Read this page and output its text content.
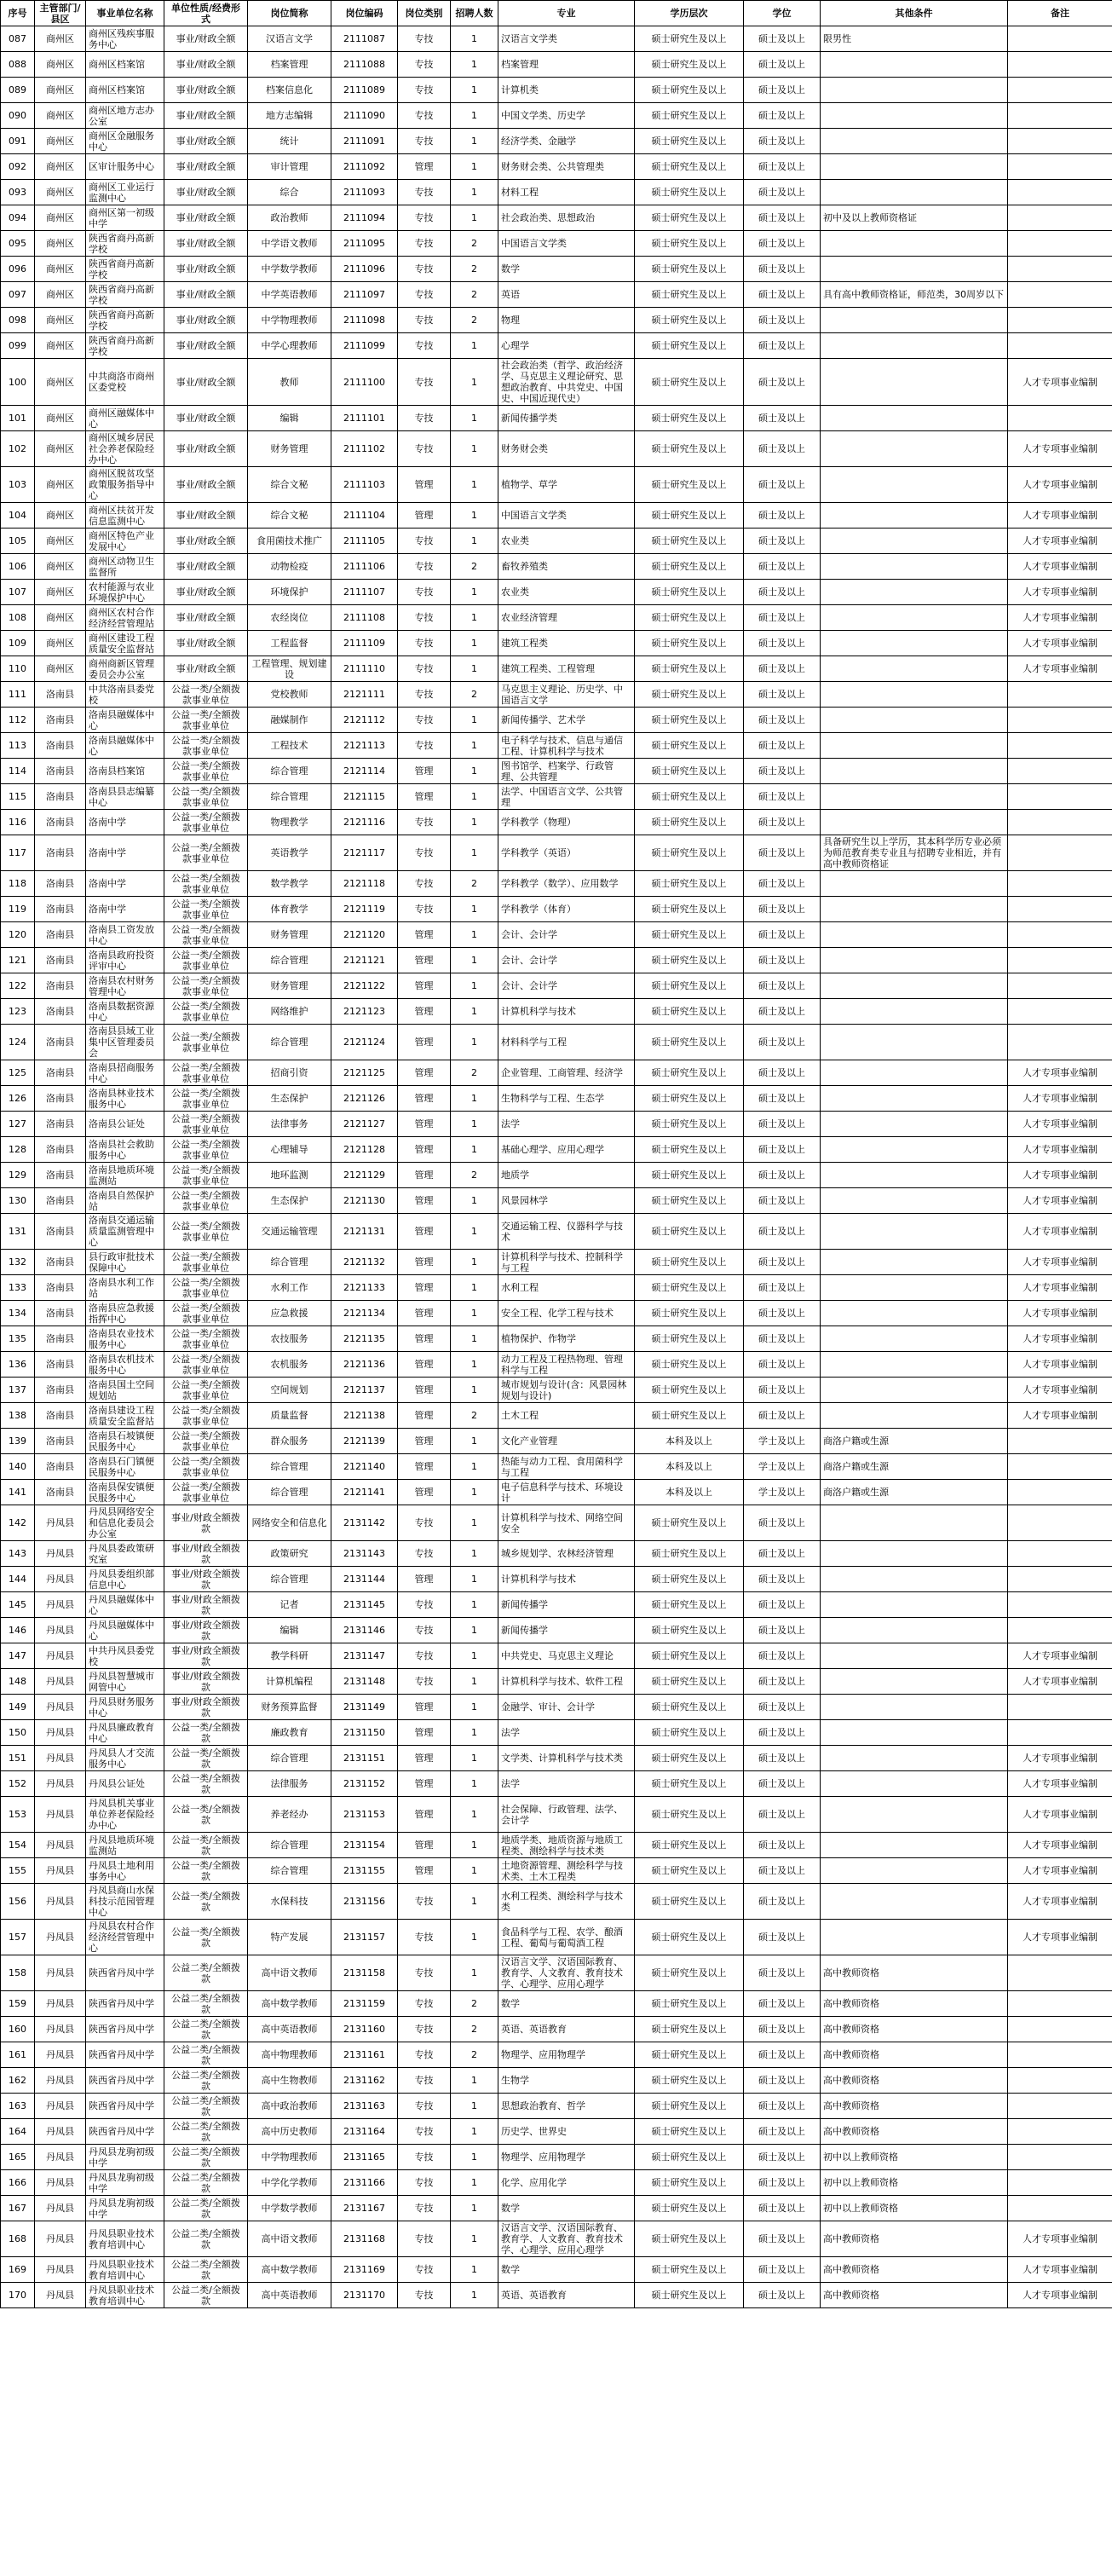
序号	主管部门/县区	事业单位名称	单位性质/经费形式	岗位简称	岗位编码	岗位类别	招聘人数	专业	学历层次	学位	其他条件	备注
087	商州区	商州区残疾事服务中心	事业/财政全额	汉语言文学	2111087	专技	1	汉语言文学类	硕士研究生及以上	硕士及以上	限男性	
088	商州区	商州区档案馆	事业/财政全额	档案管理	2111088	专技	1	档案管理	硕士研究生及以上	硕士及以上		
089	商州区	商州区档案馆	事业/财政全额	档案信息化	2111089	专技	1	计算机类	硕士研究生及以上	硕士及以上		
090	商州区	商州区地方志办公室	事业/财政全额	地方志编辑	2111090	专技	1	中国文学类、历史学	硕士研究生及以上	硕士及以上		
091	商州区	商州区金融服务中心	事业/财政全额	统计	2111091	专技	1	经济学类、金融学	硕士研究生及以上	硕士及以上		
092	商州区	区审计服务中心	事业/财政全额	审计管理	2111092	管理	1	财务财会类、公共管理类	硕士研究生及以上	硕士及以上		
093	商州区	商州区工业运行监测中心	事业/财政全额	综合	2111093	专技	1	材料工程	硕士研究生及以上	硕士及以上		
094	商州区	商州区第一初级中学	事业/财政全额	政治教师	2111094	专技	1	社会政治类、思想政治	硕士研究生及以上	硕士及以上	初中及以上教师资格证	
095	商州区	陕西省商丹高新学校	事业/财政全额	中学语文教师	2111095	专技	2	中国语言文学类	硕士研究生及以上	硕士及以上		
096	商州区	陕西省商丹高新学校	事业/财政全额	中学数学教师	2111096	专技	2	数学	硕士研究生及以上	硕士及以上		
097	商州区	陕西省商丹高新学校	事业/财政全额	中学英语教师	2111097	专技	2	英语	硕士研究生及以上	硕士及以上	具有高中教师资格证，师范类，30周岁以下	
098	商州区	陕西省商丹高新学校	事业/财政全额	中学物理教师	2111098	专技	2	物理	硕士研究生及以上	硕士及以上		
099	商州区	陕西省商丹高新学校	事业/财政全额	中学心理教师	2111099	专技	1	心理学	硕士研究生及以上	硕士及以上		
100	商州区	中共商洛市商州区委党校	事业/财政全额	教师	2111100	专技	1	社会政治类（哲学、政治经济学、马克思主义理论研究、思想政治教育、中共党史、中国史、中国近现代史）	硕士研究生及以上	硕士及以上		人才专项事业编制
101	商州区	商州区融媒体中心	事业/财政全额	编辑	2111101	专技	1	新闻传播学类	硕士研究生及以上	硕士及以上		
102	商州区	商州区城乡居民社会养老保险经办中心	事业/财政全额	财务管理	2111102	专技	1	财务财会类	硕士研究生及以上	硕士及以上		人才专项事业编制
103	商州区	商州区脱贫攻坚政策服务指导中心	事业/财政全额	综合文秘	2111103	管理	1	植物学、草学	硕士研究生及以上	硕士及以上		人才专项事业编制
104	商州区	商州区扶贫开发信息监测中心	事业/财政全额	综合文秘	2111104	管理	1	中国语言文学类	硕士研究生及以上	硕士及以上		人才专项事业编制
105	商州区	商州区特色产业发展中心	事业/财政全额	食用菌技术推广	2111105	专技	1	农业类	硕士研究生及以上	硕士及以上		人才专项事业编制
106	商州区	商州区动物卫生监督所	事业/财政全额	动物检疫	2111106	专技	2	畜牧养殖类	硕士研究生及以上	硕士及以上		人才专项事业编制
107	商州区	农村能源与农业环境保护中心	事业/财政全额	环境保护	2111107	专技	1	农业类	硕士研究生及以上	硕士及以上		人才专项事业编制
108	商州区	商州区农村合作经济经营管理站	事业/财政全额	农经岗位	2111108	专技	1	农业经济管理	硕士研究生及以上	硕士及以上		人才专项事业编制
109	商州区	商州区建设工程质量安全监督站	事业/财政全额	工程监督	2111109	专技	1	建筑工程类	硕士研究生及以上	硕士及以上		人才专项事业编制
110	商州区	商州商新区管理委员会办公室	事业/财政全额	工程管理、规划建设	2111110	专技	1	建筑工程类、工程管理	硕士研究生及以上	硕士及以上		人才专项事业编制
111	洛南县	中共洛南县委党校	公益一类/全额拨款事业单位	党校教师	2121111	专技	2	马克思主义理论、历史学、中国语言文学	硕士研究生及以上	硕士及以上		
112	洛南县	洛南县融媒体中心	公益一类/全额拨款事业单位	融媒制作	2121112	专技	1	新闻传播学、艺术学	硕士研究生及以上	硕士及以上		
113	洛南县	洛南县融媒体中心	公益一类/全额拨款事业单位	工程技术	2121113	专技	1	电子科学与技术、信息与通信工程、计算机科学与技术	硕士研究生及以上	硕士及以上		
114	洛南县	洛南县档案馆	公益一类/全额拨款事业单位	综合管理	2121114	管理	1	图书馆学、档案学、行政管理、公共管理	硕士研究生及以上	硕士及以上		
115	洛南县	洛南县县志编纂中心	公益一类/全额拨款事业单位	综合管理	2121115	管理	1	法学、中国语言文学、公共管理	硕士研究生及以上	硕士及以上		
116	洛南县	洛南中学	公益一类/全额拨款事业单位	物理教学	2121116	专技	1	学科教学（物理）	硕士研究生及以上	硕士及以上		
117	洛南县	洛南中学	公益一类/全额拨款事业单位	英语教学	2121117	专技	1	学科教学（英语）	硕士研究生及以上	硕士及以上	具备研究生以上学历，其本科学历专业必须为师范教育类专业且与招聘专业相近，并有高中教师资格证	
118	洛南县	洛南中学	公益一类/全额拨款事业单位	数学教学	2121118	专技	2	学科教学（数学）、应用数学	硕士研究生及以上	硕士及以上		
119	洛南县	洛南中学	公益一类/全额拨款事业单位	体育教学	2121119	专技	1	学科教学（体育）	硕士研究生及以上	硕士及以上		
120	洛南县	洛南县工资发放中心	公益一类/全额拨款事业单位	财务管理	2121120	管理	1	会计、会计学	硕士研究生及以上	硕士及以上		
121	洛南县	洛南县政府投资评审中心	公益一类/全额拨款事业单位	综合管理	2121121	管理	1	会计、会计学	硕士研究生及以上	硕士及以上		
122	洛南县	洛南县农村财务管理中心	公益一类/全额拨款事业单位	财务管理	2121122	管理	1	会计、会计学	硕士研究生及以上	硕士及以上		
123	洛南县	洛南县数据资源中心	公益一类/全额拨款事业单位	网络维护	2121123	管理	1	计算机科学与技术	硕士研究生及以上	硕士及以上		
124	洛南县	洛南县县域工业集中区管理委员会	公益一类/全额拨款事业单位	综合管理	2121124	管理	1	材料科学与工程	硕士研究生及以上	硕士及以上		
125	洛南县	洛南县招商服务中心	公益一类/全额拨款事业单位	招商引资	2121125	管理	2	企业管理、工商管理、经济学	硕士研究生及以上	硕士及以上		人才专项事业编制
126	洛南县	洛南县林业技术服务中心	公益一类/全额拨款事业单位	生态保护	2121126	管理	1	生物科学与工程、生态学	硕士研究生及以上	硕士及以上		人才专项事业编制
127	洛南县	洛南县公证处	公益一类/全额拨款事业单位	法律事务	2121127	管理	1	法学	硕士研究生及以上	硕士及以上		人才专项事业编制
128	洛南县	洛南县社会救助服务中心	公益一类/全额拨款事业单位	心理辅导	2121128	管理	1	基础心理学、应用心理学	硕士研究生及以上	硕士及以上		人才专项事业编制
129	洛南县	洛南县地质环境监测站	公益一类/全额拨款事业单位	地环监测	2121129	管理	2	地质学	硕士研究生及以上	硕士及以上		人才专项事业编制
130	洛南县	洛南县自然保护站	公益一类/全额拨款事业单位	生态保护	2121130	管理	1	风景园林学	硕士研究生及以上	硕士及以上		人才专项事业编制
131	洛南县	洛南县交通运输质量监测管理中心	公益一类/全额拨款事业单位	交通运输管理	2121131	管理	1	交通运输工程、仪器科学与技术	硕士研究生及以上	硕士及以上		人才专项事业编制
132	洛南县	县行政审批技术保障中心	公益一类/全额拨款事业单位	综合管理	2121132	管理	1	计算机科学与技术、控制科学与工程	硕士研究生及以上	硕士及以上		人才专项事业编制
133	洛南县	洛南县水利工作站	公益一类/全额拨款事业单位	水利工作	2121133	管理	1	水利工程	硕士研究生及以上	硕士及以上		人才专项事业编制
134	洛南县	洛南县应急救援指挥中心	公益一类/全额拨款事业单位	应急救援	2121134	管理	1	安全工程、化学工程与技术	硕士研究生及以上	硕士及以上		人才专项事业编制
135	洛南县	洛南县农业技术服务中心	公益一类/全额拨款事业单位	农技服务	2121135	管理	1	植物保护、作物学	硕士研究生及以上	硕士及以上		人才专项事业编制
136	洛南县	洛南县农机技术服务中心	公益一类/全额拨款事业单位	农机服务	2121136	管理	1	动力工程及工程热物理、管理科学与工程	硕士研究生及以上	硕士及以上		人才专项事业编制
137	洛南县	洛南县国土空间规划站	公益一类/全额拨款事业单位	空间规划	2121137	管理	1	城市规划与设计(含：风景园林规划与设计)	硕士研究生及以上	硕士及以上		人才专项事业编制
138	洛南县	洛南县建设工程质量安全监督站	公益一类/全额拨款事业单位	质量监督	2121138	管理	2	土木工程	硕士研究生及以上	硕士及以上		人才专项事业编制
139	洛南县	洛南县石坡镇便民服务中心	公益一类/全额拨款事业单位	群众服务	2121139	管理	1	文化产业管理	本科及以上	学士及以上	商洛户籍或生源	
140	洛南县	洛南县石门镇便民服务中心	公益一类/全额拨款事业单位	综合管理	2121140	管理	1	热能与动力工程、食用菌科学与工程	本科及以上	学士及以上	商洛户籍或生源	
141	洛南县	洛南县保安镇便民服务中心	公益一类/全额拨款事业单位	综合管理	2121141	管理	1	电子信息科学与技术、环境设计	本科及以上	学士及以上	商洛户籍或生源	
142	丹凤县	丹凤县网络安全和信息化委员会办公室	事业/财政全额拨款	网络安全和信息化	2131142	专技	1	计算机科学与技术、网络空间安全	硕士研究生及以上	硕士及以上		
143	丹凤县	丹凤县委政策研究室	事业/财政全额拨款	政策研究	2131143	专技	1	城乡规划学、农林经济管理	硕士研究生及以上	硕士及以上		
144	丹凤县	丹凤县委组织部信息中心	事业/财政全额拨款	综合管理	2131144	管理	1	计算机科学与技术	硕士研究生及以上	硕士及以上		
145	丹凤县	丹凤县融媒体中心	事业/财政全额拨款	记者	2131145	专技	1	新闻传播学	硕士研究生及以上	硕士及以上		
146	丹凤县	丹凤县融媒体中心	事业/财政全额拨款	编辑	2131146	专技	1	新闻传播学	硕士研究生及以上	硕士及以上		
147	丹凤县	中共丹凤县委党校	事业/财政全额拨款	教学科研	2131147	专技	1	中共党史、马克思主义理论	硕士研究生及以上	硕士及以上		人才专项事业编制
148	丹凤县	丹凤县智慧城市网管中心	事业/财政全额拨款	计算机编程	2131148	专技	1	计算机科学与技术、软件工程	硕士研究生及以上	硕士及以上		人才专项事业编制
149	丹凤县	丹凤县财务服务中心	事业/财政全额拨款	财务预算监督	2131149	管理	1	金融学、审计、会计学	硕士研究生及以上	硕士及以上		
150	丹凤县	丹凤县廉政教育中心	公益一类/全额拨款	廉政教育	2131150	管理	1	法学	硕士研究生及以上	硕士及以上		
151	丹凤县	丹凤县人才交流服务中心	公益一类/全额拨款	综合管理	2131151	管理	1	文学类、计算机科学与技术类	硕士研究生及以上	硕士及以上		人才专项事业编制
152	丹凤县	丹凤县公证处	公益一类/全额拨款	法律服务	2131152	管理	1	法学	硕士研究生及以上	硕士及以上		人才专项事业编制
153	丹凤县	丹凤县机关事业单位养老保险经办中心	公益一类/全额拨款	养老经办	2131153	管理	1	社会保障、行政管理、法学、会计学	硕士研究生及以上	硕士及以上		人才专项事业编制
154	丹凤县	丹凤县地质环境监测站	公益一类/全额拨款	综合管理	2131154	管理	1	地质学类、地质资源与地质工程类、测绘科学与技术类	硕士研究生及以上	硕士及以上		人才专项事业编制
155	丹凤县	丹凤县土地利用事务中心	公益一类/全额拨款	综合管理	2131155	管理	1	土地资源管理、测绘科学与技术类、土木工程类	硕士研究生及以上	硕士及以上		人才专项事业编制
156	丹凤县	丹凤县商山水保科技示范园管理中心	公益一类/全额拨款	水保科技	2131156	专技	1	水利工程类、测绘科学与技术类	硕士研究生及以上	硕士及以上		人才专项事业编制
157	丹凤县	丹凤县农村合作经济经营管理中心	公益一类/全额拨款	特产发展	2131157	专技	1	食品科学与工程、农学、酿酒工程、葡萄与葡萄酒工程	硕士研究生及以上	硕士及以上		人才专项事业编制
158	丹凤县	陕西省丹凤中学	公益二类/全额拨款	高中语文教师	2131158	专技	1	汉语言文学、汉语国际教育、教育学、人文教育、教育技术学、心理学、应用心理学	硕士研究生及以上	硕士及以上	高中教师资格	
159	丹凤县	陕西省丹凤中学	公益二类/全额拨款	高中数学教师	2131159	专技	2	数学	硕士研究生及以上	硕士及以上	高中教师资格	
160	丹凤县	陕西省丹凤中学	公益二类/全额拨款	高中英语教师	2131160	专技	2	英语、英语教育	硕士研究生及以上	硕士及以上	高中教师资格	
161	丹凤县	陕西省丹凤中学	公益二类/全额拨款	高中物理教师	2131161	专技	2	物理学、应用物理学	硕士研究生及以上	硕士及以上	高中教师资格	
162	丹凤县	陕西省丹凤中学	公益二类/全额拨款	高中生物教师	2131162	专技	1	生物学	硕士研究生及以上	硕士及以上	高中教师资格	
163	丹凤县	陕西省丹凤中学	公益二类/全额拨款	高中政治教师	2131163	专技	1	思想政治教育、哲学	硕士研究生及以上	硕士及以上	高中教师资格	
164	丹凤县	陕西省丹凤中学	公益二类/全额拨款	高中历史教师	2131164	专技	1	历史学、世界史	硕士研究生及以上	硕士及以上	高中教师资格	
165	丹凤县	丹凤县龙驹初级中学	公益二类/全额拨款	中学物理教师	2131165	专技	1	物理学、应用物理学	硕士研究生及以上	硕士及以上	初中以上教师资格	
166	丹凤县	丹凤县龙驹初级中学	公益二类/全额拨款	中学化学教师	2131166	专技	1	化学、应用化学	硕士研究生及以上	硕士及以上	初中以上教师资格	
167	丹凤县	丹凤县龙驹初级中学	公益二类/全额拨款	中学数学教师	2131167	专技	1	数学	硕士研究生及以上	硕士及以上	初中以上教师资格	
168	丹凤县	丹凤县职业技术教育培训中心	公益二类/全额拨款	高中语文教师	2131168	专技	1	汉语言文学、汉语国际教育、教育学、人文教育、教育技术学、心理学、应用心理学	硕士研究生及以上	硕士及以上	高中教师资格	人才专项事业编制
169	丹凤县	丹凤县职业技术教育培训中心	公益二类/全额拨款	高中数学教师	2131169	专技	1	数学	硕士研究生及以上	硕士及以上	高中教师资格	人才专项事业编制
170	丹凤县	丹凤县职业技术教育培训中心	公益二类/全额拨款	高中英语教师	2131170	专技	1	英语、英语教育	硕士研究生及以上	硕士及以上	高中教师资格	人才专项事业编制
